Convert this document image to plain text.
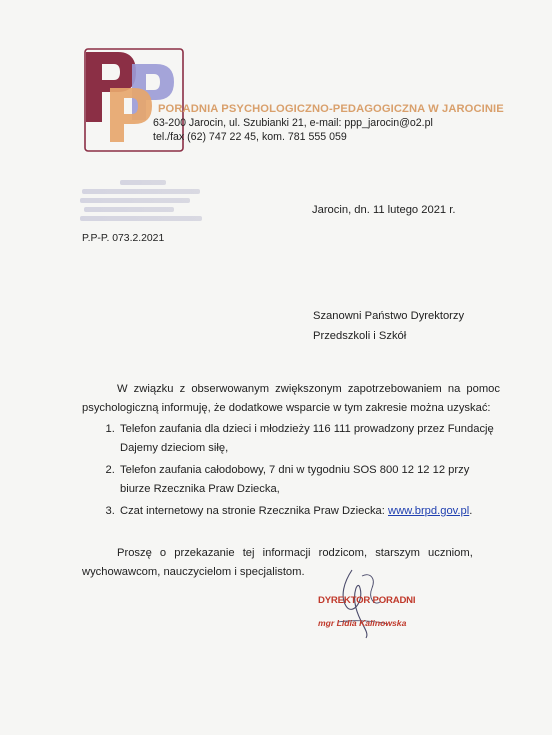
PORADNIA PSYCHOLOGICZNO-PEDAGOGICZNA W JAROCINIE
63-200 Jarocin, ul. Szubianki 21, e-mail: ppp_jarocin@o2.pl
tel./fax (62) 747 22 45, kom. 781 555 059
Jarocin, dn. 11 lutego 2021 r.
P.P-P. 073.2.2021
Szanowni Państwo Dyrektorzy
Przedszkoli i Szkół

W związku z obserwowanym zwiększonym zapotrzebowaniem na pomoc psychologiczną informuję, że dodatkowe wsparcie w tym zakresie można uzyskać:

1. Telefon zaufania dla dzieci i młodzieży 116 111 prowadzony przez Fundację Dajemy dzieciom siłę,
2. Telefon zaufania całodobowy, 7 dni w tygodniu SOS 800 12 12 12 przy biurze Rzecznika Praw Dziecka,
3. Czat internetowy na stronie Rzecznika Praw Dziecka: www.brpd.gov.pl.

Proszę o przekazanie tej informacji rodzicom, starszym uczniom,

wychowawcom, nauczycielom i specjalistom.

DYREKTOR PORADNI
mgr Lidia Kalinowska
